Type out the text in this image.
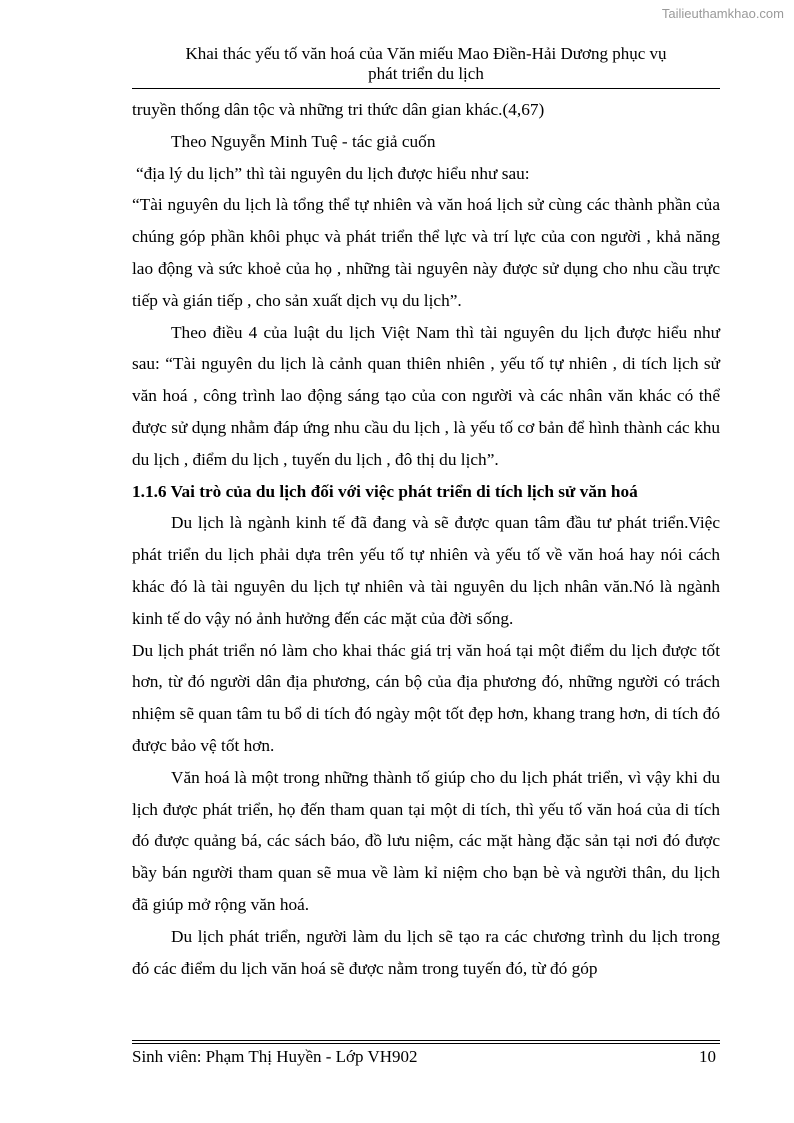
Tailieuthamkhao.com
Khai thác yếu tố văn hoá của Văn miếu Mao Điền-Hải Dương phục vụ
phát triển du lịch

truyền thống dân tộc và những tri thức dân gian khác.(4,67)

Theo Nguyễn Minh Tuệ - tác giả cuốn

“địa lý du lịch” thì tài nguyên du lịch được hiểu như sau:

“Tài nguyên du lịch là tổng thể tự nhiên và văn hoá lịch sử cùng các thành phần của chúng góp phần khôi phục và phát triển thể lực và trí lực của con người , khả năng lao động và sức khoẻ của họ , những tài nguyên này được sử dụng cho nhu cầu trực tiếp và gián tiếp , cho sản xuất dịch vụ du lịch”.

Theo điều 4 của luật du lịch Việt Nam thì tài nguyên du lịch được hiểu như sau: “Tài nguyên du lịch là cảnh quan thiên nhiên , yếu tố tự nhiên , di tích lịch sử văn hoá , công trình lao động sáng tạo của con người và các nhân văn khác có thể được sử dụng nhằm đáp ứng nhu cầu du lịch , là yếu tố cơ bản để hình thành các khu du lịch , điểm du lịch , tuyến du lịch , đô thị du lịch”.

1.1.6 Vai trò của du lịch đối với việc phát triển di tích lịch sử văn hoá

Du lịch là ngành kinh tế đã đang và sẽ được quan tâm đầu tư phát triển.Việc phát triển du lịch phải dựa trên yếu tố tự nhiên và yếu tố về văn hoá hay nói cách khác đó là tài nguyên du lịch tự nhiên và tài nguyên du lịch nhân văn.Nó là ngành kinh tế do vậy nó ảnh hưởng đến các mặt của đời sống.

Du lịch phát triển nó làm cho khai thác giá trị văn hoá tại một điểm du lịch được tốt hơn, từ đó người dân địa phương, cán bộ của địa phương đó, những người có trách nhiệm sẽ quan tâm tu bổ di tích đó ngày một tốt đẹp hơn, khang trang hơn, di tích đó được bảo vệ tốt hơn.

Văn hoá là một trong những thành tố giúp cho du lịch phát triển, vì vậy khi du lịch được phát triển, họ đến tham quan tại một di tích, thì yếu tố văn hoá của di tích đó được quảng bá, các sách báo, đồ lưu niệm, các mặt hàng đặc sản tại nơi đó được bầy bán người tham quan sẽ mua về làm kỉ niệm cho bạn bè và người thân, du lịch đã giúp mở rộng văn hoá.

Du lịch phát triển, người làm du lịch sẽ tạo ra các chương trình du lịch trong đó các điểm du lịch văn hoá sẽ được nằm trong tuyến đó, từ đó góp

Sinh viên: Phạm Thị Huyền - Lớp VH902	10
